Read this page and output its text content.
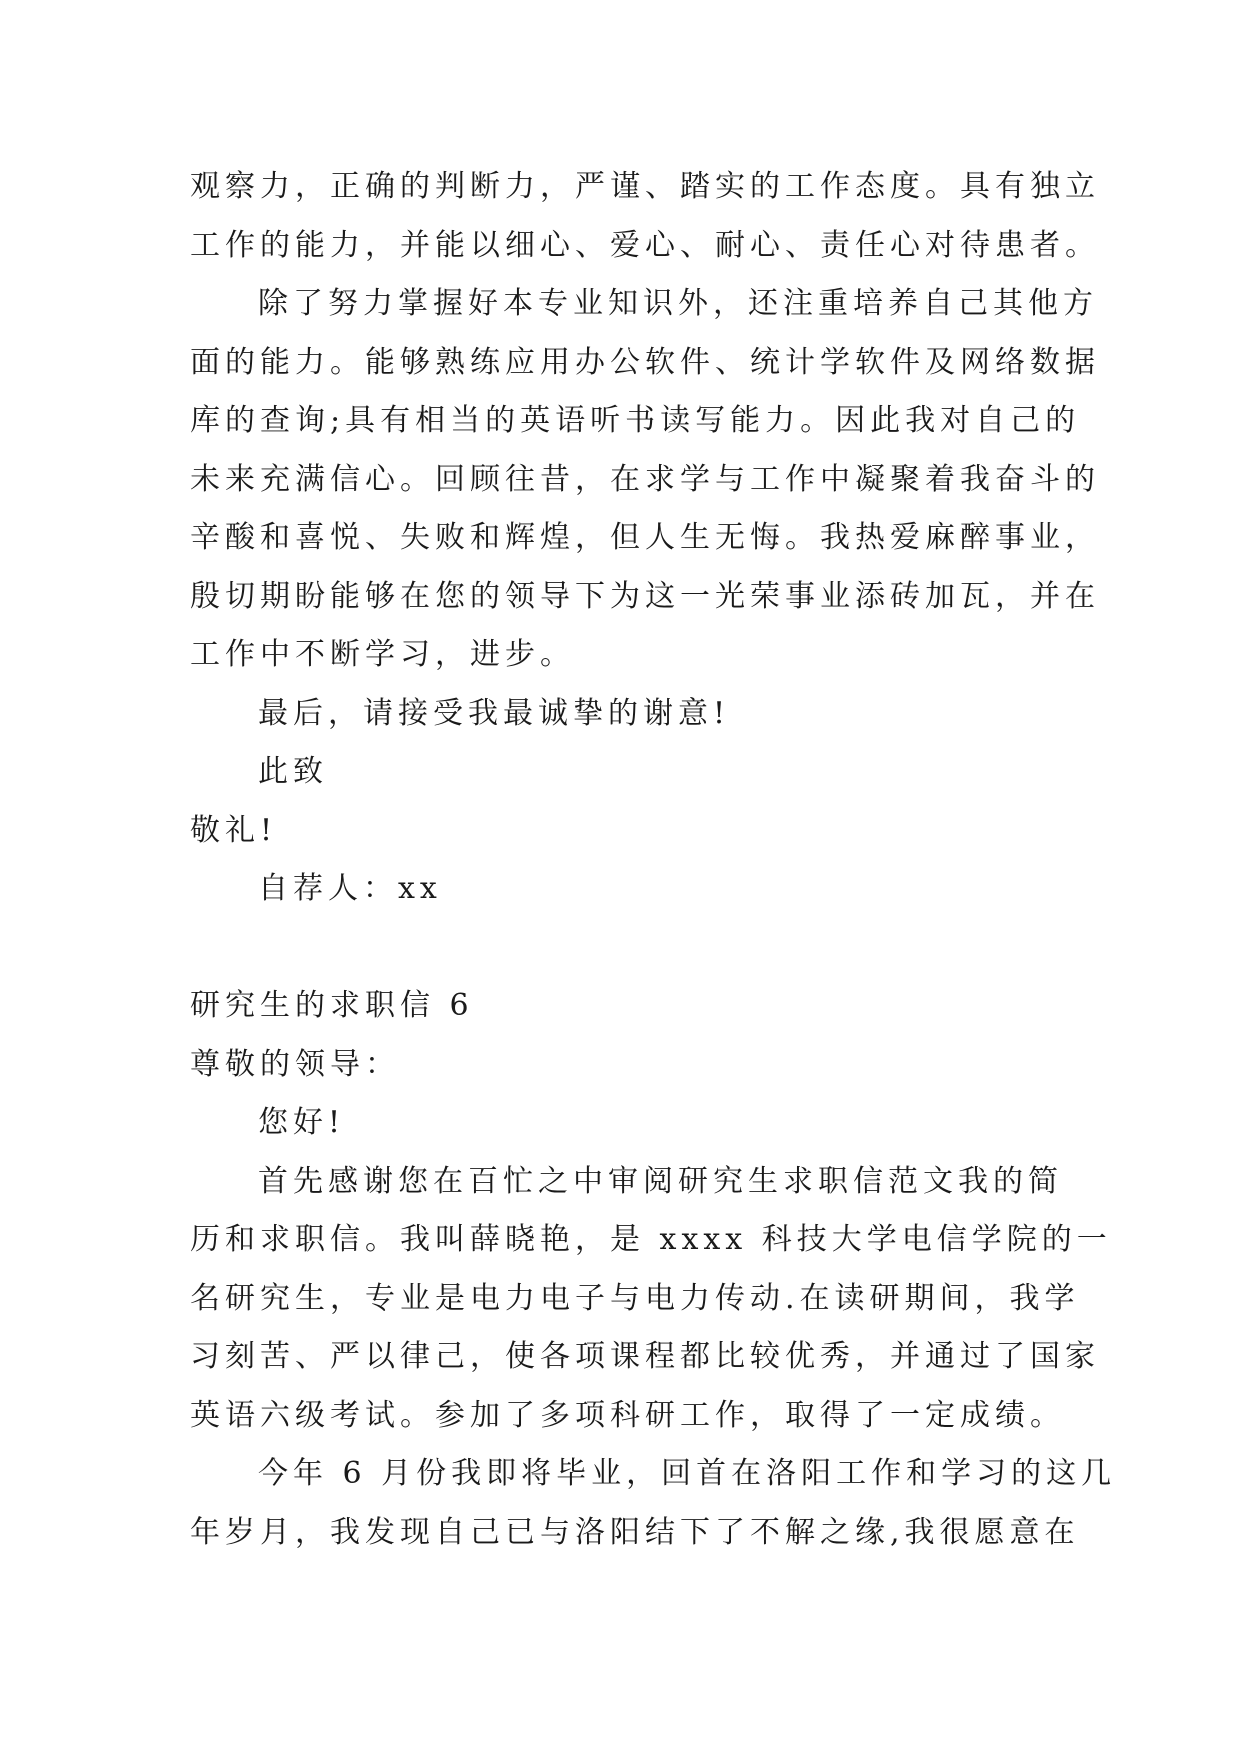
观察力，正确的判断力，严谨、踏实的工作态度。具有独立
工作的能力，并能以细心、爱心、耐心、责任心对待患者。
除了努力掌握好本专业知识外，还注重培养自己其他方
面的能力。能够熟练应用办公软件、统计学软件及网络数据
库的查询;具有相当的英语听书读写能力。因此我对自己的
未来充满信心。回顾往昔，在求学与工作中凝聚着我奋斗的
辛酸和喜悦、失败和辉煌，但人生无悔。我热爱麻醉事业，
殷切期盼能够在您的领导下为这一光荣事业添砖加瓦，并在
工作中不断学习，进步。
最后，请接受我最诚挚的谢意!
此致
敬礼!
自荐人：xx
研究生的求职信 6
尊敬的领导：
您好!
首先感谢您在百忙之中审阅研究生求职信范文我的简
历和求职信。我叫薛晓艳，是 xxxx 科技大学电信学院的一
名研究生，专业是电力电子与电力传动.在读研期间，我学
习刻苦、严以律己，使各项课程都比较优秀，并通过了国家
英语六级考试。参加了多项科研工作，取得了一定成绩。
今年 6 月份我即将毕业，回首在洛阳工作和学习的这几
年岁月，我发现自己已与洛阳结下了不解之缘,我很愿意在
